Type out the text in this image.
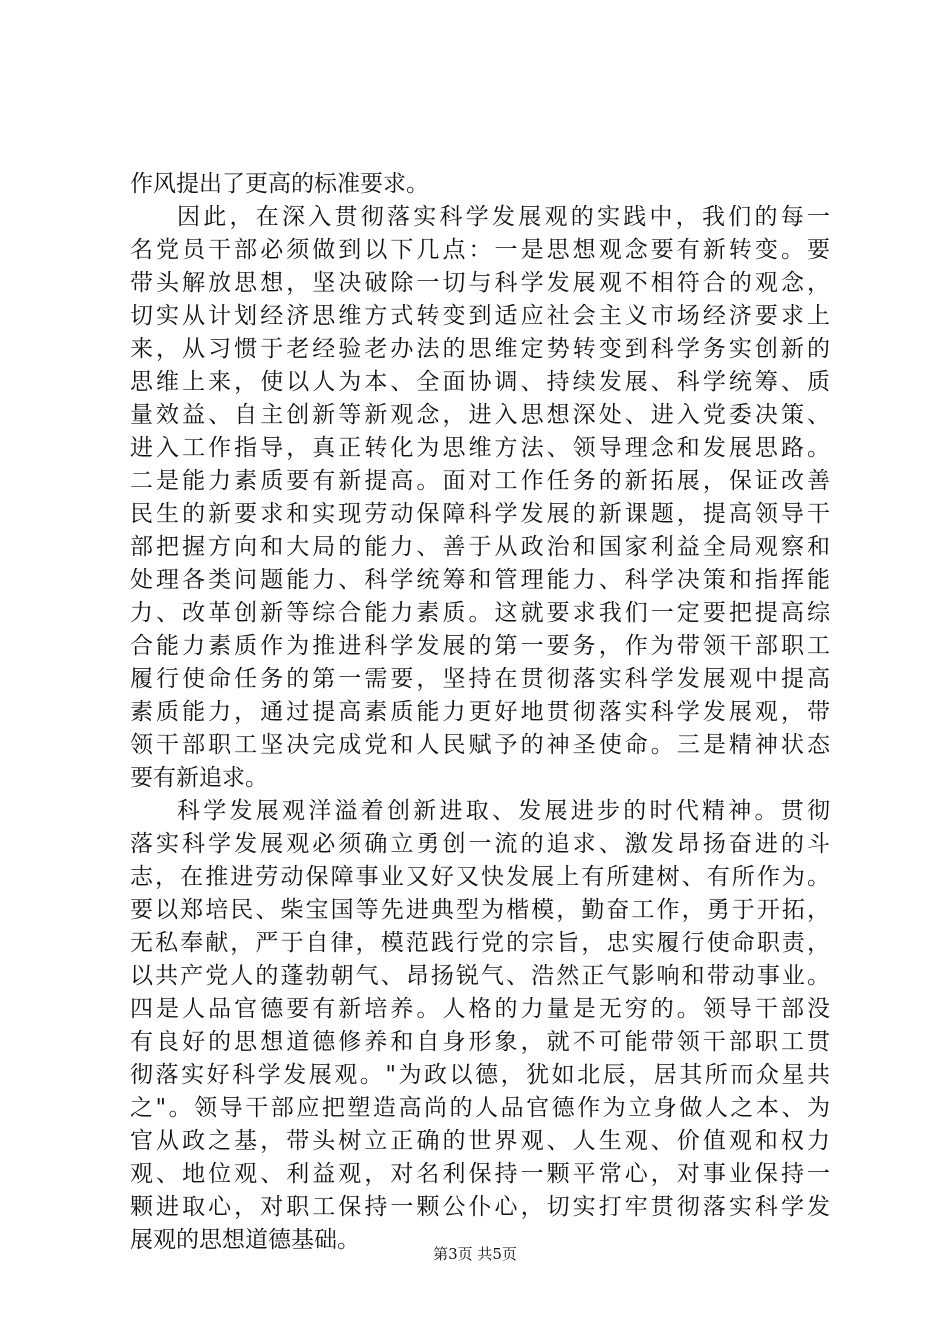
作风提出了更高的标准要求。
因此，在深入贯彻落实科学发展观的实践中，我们的每一
名党员干部必须做到以下几点：一是思想观念要有新转变。要
带头解放思想，坚决破除一切与科学发展观不相符合的观念，
切实从计划经济思维方式转变到适应社会主义市场经济要求上
来，从习惯于老经验老办法的思维定势转变到科学务实创新的
思维上来，使以人为本、全面协调、持续发展、科学统筹、质
量效益、自主创新等新观念，进入思想深处、进入党委决策、
进入工作指导，真正转化为思维方法、领导理念和发展思路。
二是能力素质要有新提高。面对工作任务的新拓展，保证改善
民生的新要求和实现劳动保障科学发展的新课题，提高领导干
部把握方向和大局的能力、善于从政治和国家利益全局观察和
处理各类问题能力、科学统筹和管理能力、科学决策和指挥能
力、改革创新等综合能力素质。这就要求我们一定要把提高综
合能力素质作为推进科学发展的第一要务，作为带领干部职工
履行使命任务的第一需要，坚持在贯彻落实科学发展观中提高
素质能力，通过提高素质能力更好地贯彻落实科学发展观，带
领干部职工坚决完成党和人民赋予的神圣使命。三是精神状态
要有新追求。
科学发展观洋溢着创新进取、发展进步的时代精神。贯彻
落实科学发展观必须确立勇创一流的追求、激发昂扬奋进的斗
志，在推进劳动保障事业又好又快发展上有所建树、有所作为。
要以郑培民、柴宝国等先进典型为楷模，勤奋工作，勇于开拓，
无私奉献，严于自律，模范践行党的宗旨，忠实履行使命职责，
以共产党人的蓬勃朝气、昂扬锐气、浩然正气影响和带动事业。
四是人品官德要有新培养。人格的力量是无穷的。领导干部没
有良好的思想道德修养和自身形象，就不可能带领干部职工贯
彻落实好科学发展观。"为政以德，犹如北辰，居其所而众星共
之"。领导干部应把塑造高尚的人品官德作为立身做人之本、为
官从政之基，带头树立正确的世界观、人生观、价值观和权力
观、地位观、利益观，对名利保持一颗平常心，对事业保持一
颗进取心，对职工保持一颗公仆心，切实打牢贯彻落实科学发
展观的思想道德基础。
第3页 共5页
